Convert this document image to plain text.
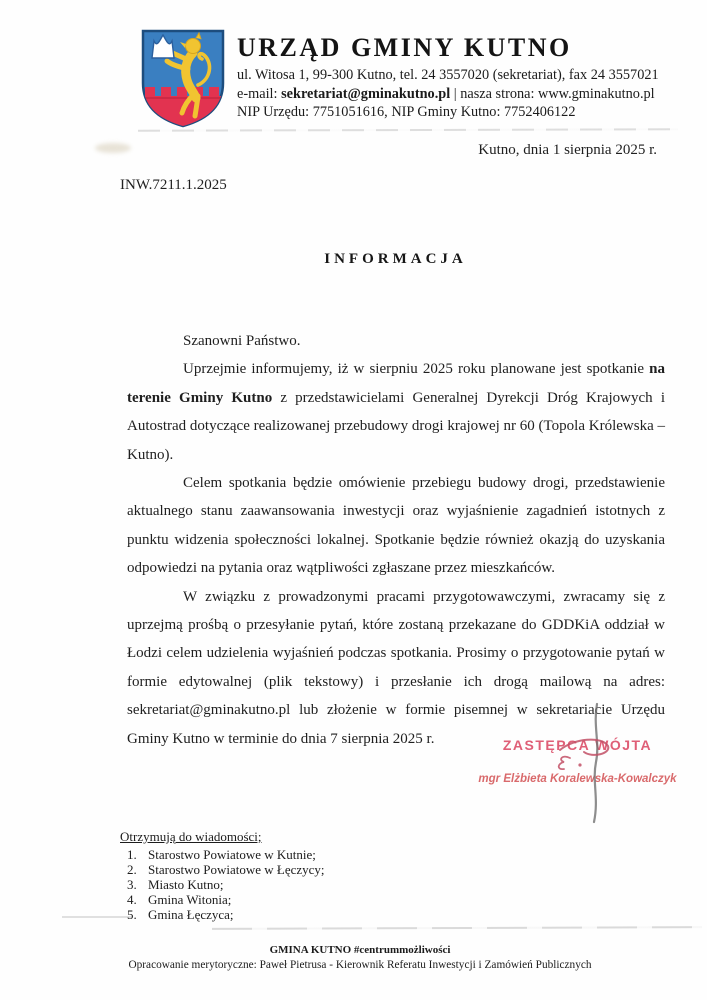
URZĄD GMINY KUTNO
ul. Witosa 1, 99-300 Kutno, tel. 24 3557020 (sekretariat), fax 24 3557021
e-mail: sekretariat@gminakutno.pl | nasza strona: www.gminakutno.pl
NIP Urzędu: 7751051616, NIP Gminy Kutno: 7752406122
Kutno, dnia 1 sierpnia 2025 r.
INW.7211.1.2025
INFORMACJA
Szanowni Państwo.

Uprzejmie informujemy, iż w sierpniu 2025 roku planowane jest spotkanie na terenie Gminy Kutno z przedstawicielami Generalnej Dyrekcji Dróg Krajowych i Autostrad dotyczące realizowanej przebudowy drogi krajowej nr 60 (Topola Królewska – Kutno).

Celem spotkania będzie omówienie przebiegu budowy drogi, przedstawienie aktualnego stanu zaawansowania inwestycji oraz wyjaśnienie zagadnień istotnych z punktu widzenia społeczności lokalnej. Spotkanie będzie również okazją do uzyskania odpowiedzi na pytania oraz wątpliwości zgłaszane przez mieszkańców.

W związku z prowadzonymi pracami przygotowawczymi, zwracamy się z uprzejmą prośbą o przesyłanie pytań, które zostaną przekazane do GDDKiA oddział w Łodzi celem udzielenia wyjaśnień podczas spotkania. Prosimy o przygotowanie pytań w formie edytowalnej (plik tekstowy) i przesłanie ich drogą mailową na adres: sekretariat@gminakutno.pl lub złożenie w formie pisemnej w sekretariacie Urzędu Gminy Kutno w terminie do dnia 7 sierpnia 2025 r.	ZASTĘPCA WÓJTA
mgr Elżbieta Koralewska-Kowalczyk
Otrzymują do wiadomości;
1. Starostwo Powiatowe w Kutnie;
2. Starostwo Powiatowe w Łęczycy;
3. Miasto Kutno;
4. Gmina Witonia;
5. Gmina Łęczyca;
GMINA KUTNO #centrummożliwości
Opracowanie merytoryczne: Paweł Pietrusa - Kierownik Referatu Inwestycji i Zamówień Publicznych
